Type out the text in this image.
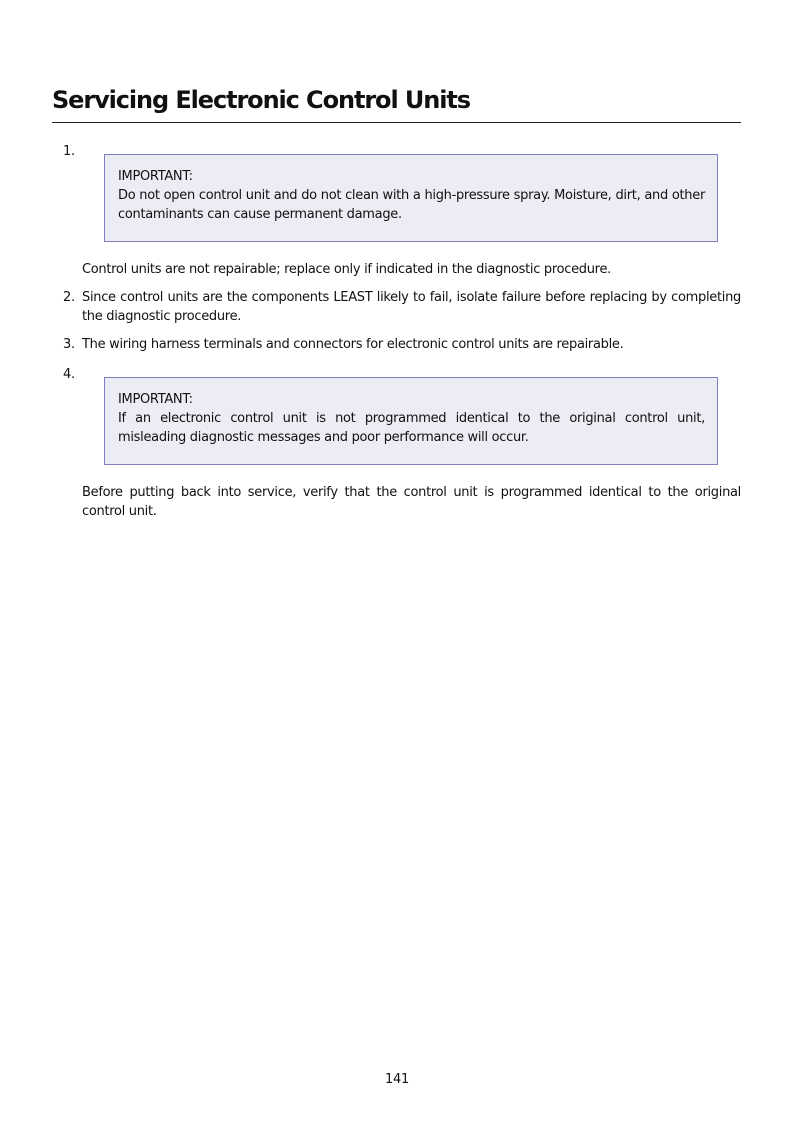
Servicing Electronic Control Units
1.
IMPORTANT:
Do not open control unit and do not clean with a high-pressure spray. Moisture, dirt, and other contaminants can cause permanent damage.
Control units are not repairable; replace only if indicated in the diagnostic procedure.
2. Since control units are the components LEAST likely to fail, isolate failure before replacing by completing the diagnostic procedure.
3. The wiring harness terminals and connectors for electronic control units are repairable.
4.
IMPORTANT:
If an electronic control unit is not programmed identical to the original control unit, misleading diagnostic messages and poor performance will occur.
Before putting back into service, verify that the control unit is programmed identical to the original control unit.
141
